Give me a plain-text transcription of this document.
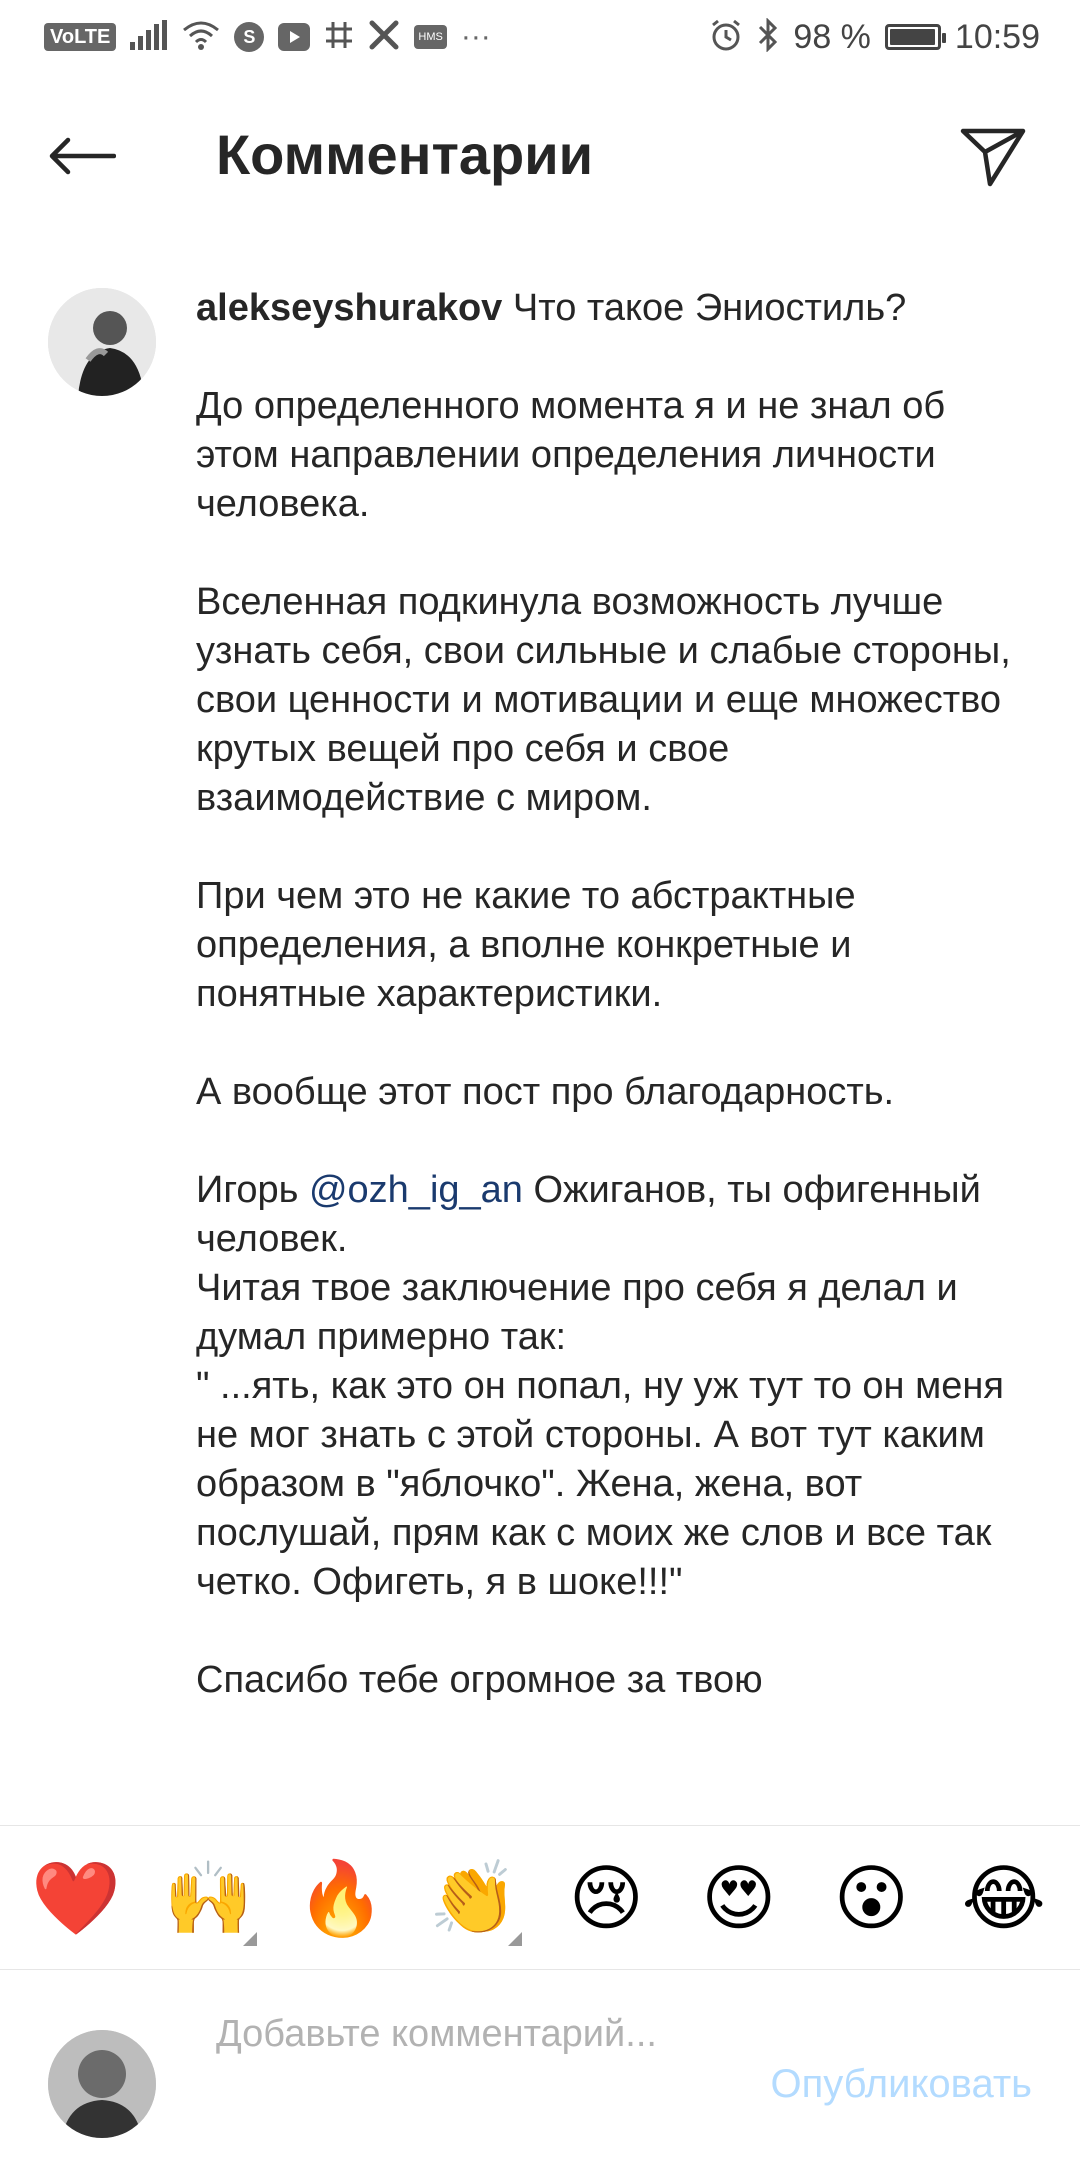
VoLTE	S	HMS ···	98 % 10:59
Комментарии

alekseyshurakov Что такое Эниостиль?

До определенного момента я и не знал об этом направлении определения личности человека.

Вселенная подкинула возможность лучше узнать себя, свои сильные и слабые стороны, свои ценности и мотивации и еще множество крутых вещей про себя и свое взаимодействие с миром.

При чем это не какие то абстрактные определения, а вполне конкретные и понятные характеристики.

А вообще этот пост про благодарность.

Игорь @ozh_ig_an Ожиганов, ты офигенный человек.

Читая твое заключение про себя я делал и думал примерно так:

" ...ять, как это он попал, ну уж тут то он меня не мог знать с этой стороны. А вот тут каким образом в "яблочко". Жена, жена, вот послушай, прям как с моих же слов и все так четко. Офигеть, я в шоке!!!"

Спасибо тебе огромное за твою

❤️ 🙌 🔥 👏 😢 😍 😮 😂
Добавьте комментарий...
Опубликовать
